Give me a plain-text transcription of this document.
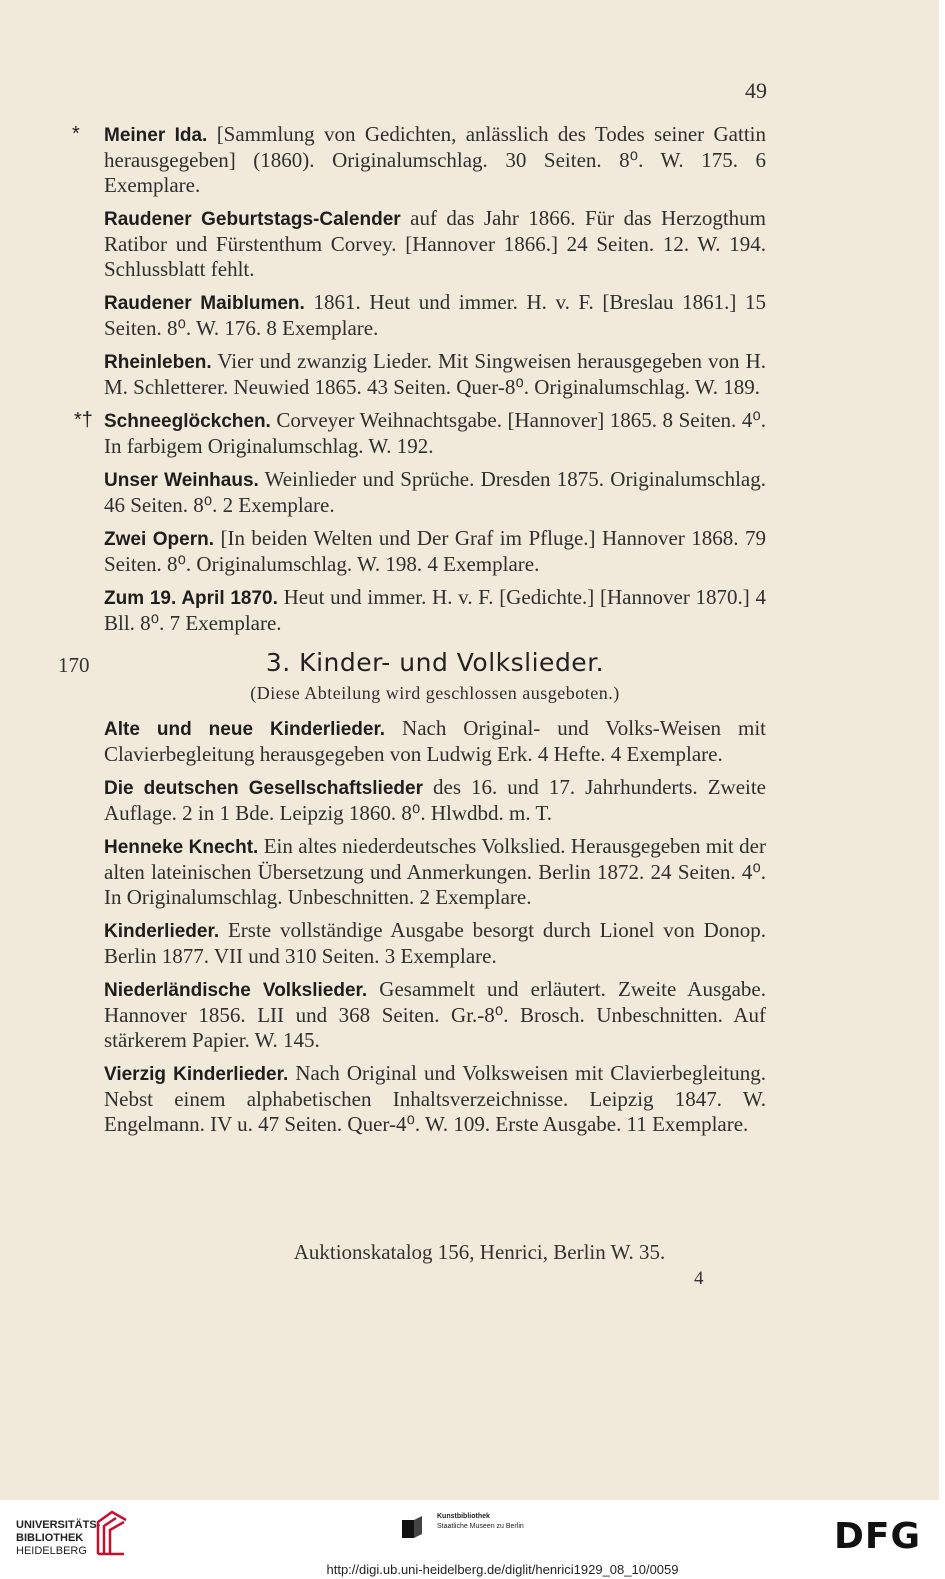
49
* Meiner Ida. [Sammlung von Gedichten, anlässlich des Todes seiner Gattin herausgegeben] (1860). Originalumschlag. 30 Seiten. 8⁰. W. 175. 6 Exemplare.
Raudener Geburtstags-Calender auf das Jahr 1866. Für das Herzogthum Ratibor und Fürstenthum Corvey. [Hannover 1866.] 24 Seiten. 12. W. 194. Schlussblatt fehlt.
Raudener Maiblumen. 1861. Heut und immer. H. v. F. [Breslau 1861.] 15 Seiten. 8⁰. W. 176. 8 Exemplare.
Rheinleben. Vier und zwanzig Lieder. Mit Singweisen herausgegeben von H. M. Schletterer. Neuwied 1865. 43 Seiten. Quer-8⁰. Originalumschlag. W. 189.
*† Schneeglöckchen. Corveyer Weihnachtsgabe. [Hannover] 1865. 8 Seiten. 4⁰. In farbigem Originalumschlag. W. 192.
Unser Weinhaus. Weinlieder und Sprüche. Dresden 1875. Originalumschlag. 46 Seiten. 8⁰. 2 Exemplare.
Zwei Opern. [In beiden Welten und Der Graf im Pfluge.] Hannover 1868. 79 Seiten. 8⁰. Originalumschlag. W. 198. 4 Exemplare.
Zum 19. April 1870. Heut und immer. H. v. F. [Gedichte.] [Hannover 1870.] 4 Bll. 8⁰. 7 Exemplare.
170	3. Kinder- und Volkslieder.
(Diese Abteilung wird geschlossen ausgeboten.)
Alte und neue Kinderlieder. Nach Original- und Volks-Weisen mit Clavierbegleitung herausgegeben von Ludwig Erk. 4 Hefte. 4 Exemplare.
Die deutschen Gesellschaftslieder des 16. und 17. Jahrhunderts. Zweite Auflage. 2 in 1 Bde. Leipzig 1860. 8⁰. Hlwdbd. m. T.
Henneke Knecht. Ein altes niederdeutsches Volkslied. Herausgegeben mit der alten lateinischen Übersetzung und Anmerkungen. Berlin 1872. 24 Seiten. 4⁰. In Originalumschlag. Unbeschnitten. 2 Exemplare.
Kinderlieder. Erste vollständige Ausgabe besorgt durch Lionel von Donop. Berlin 1877. VII und 310 Seiten. 3 Exemplare.
Niederländische Volkslieder. Gesammelt und erläutert. Zweite Ausgabe. Hannover 1856. LII und 368 Seiten. Gr.-8⁰. Brosch. Unbeschnitten. Auf stärkerem Papier. W. 145.
Vierzig Kinderlieder. Nach Original und Volksweisen mit Clavierbegleitung. Nebst einem alphabetischen Inhaltsverzeichnisse. Leipzig 1847. W. Engelmann. IV u. 47 Seiten. Quer-4⁰. W. 109. Erste Ausgabe. 11 Exemplare.
Auktionskatalog 156, Henrici, Berlin W. 35.
4
UNIVERSITÄTS-
BIBLIOTHEK
HEIDELBERG
Kunstbibliothek
Staatliche Museen zu Berlin	DFG
http://digi.ub.uni-heidelberg.de/diglit/henrici1929_08_10/0059
